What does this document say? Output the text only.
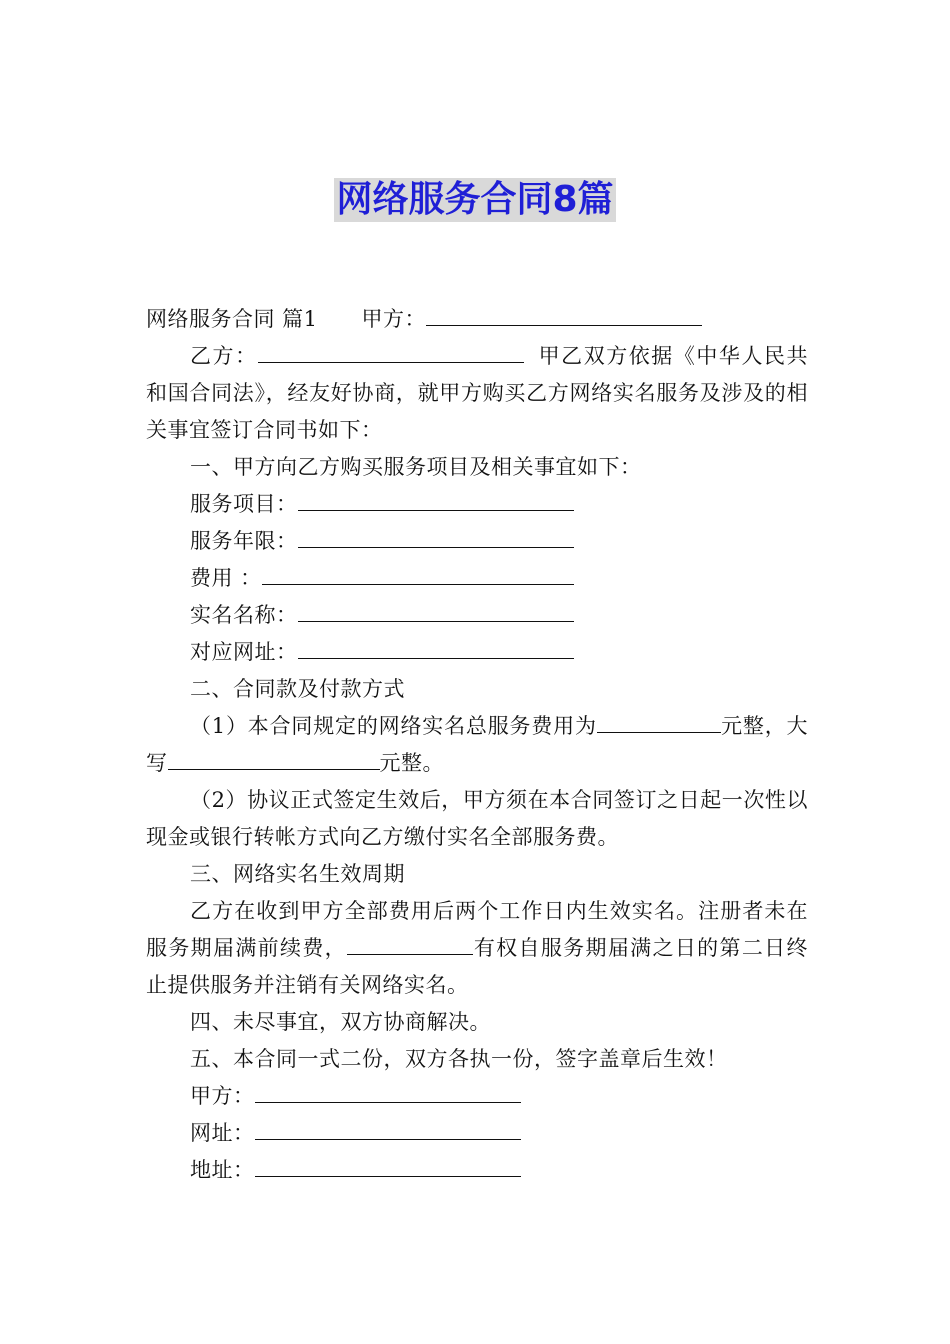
网络服务合同8篇

网络服务合同 篇1 甲方：

乙方：	甲乙双方依据《中华人民共和国合同法》，经友好协商，就甲方购买乙方网络实名服务及涉及的相关事宜签订合同书如下：

一、甲方向乙方购买服务项目及相关事宜如下：

服务项目：

服务年限：

费用 ：

实名名称：

对应网址：

二、合同款及付款方式

（1）本合同规定的网络实名总服务费用为	元整，大写	元整。

（2）协议正式签定生效后，甲方须在本合同签订之日起一次性以现金或银行转帐方式向乙方缴付实名全部服务费。

三、网络实名生效周期

乙方在收到甲方全部费用后两个工作日内生效实名。注册者未在服务期届满前续费，	有权自服务期届满之日的第二日终止提供服务并注销有关网络实名。

四、未尽事宜，双方协商解决。

五、本合同一式二份，双方各执一份，签字盖章后生效！

甲方：

网址：

地址：
